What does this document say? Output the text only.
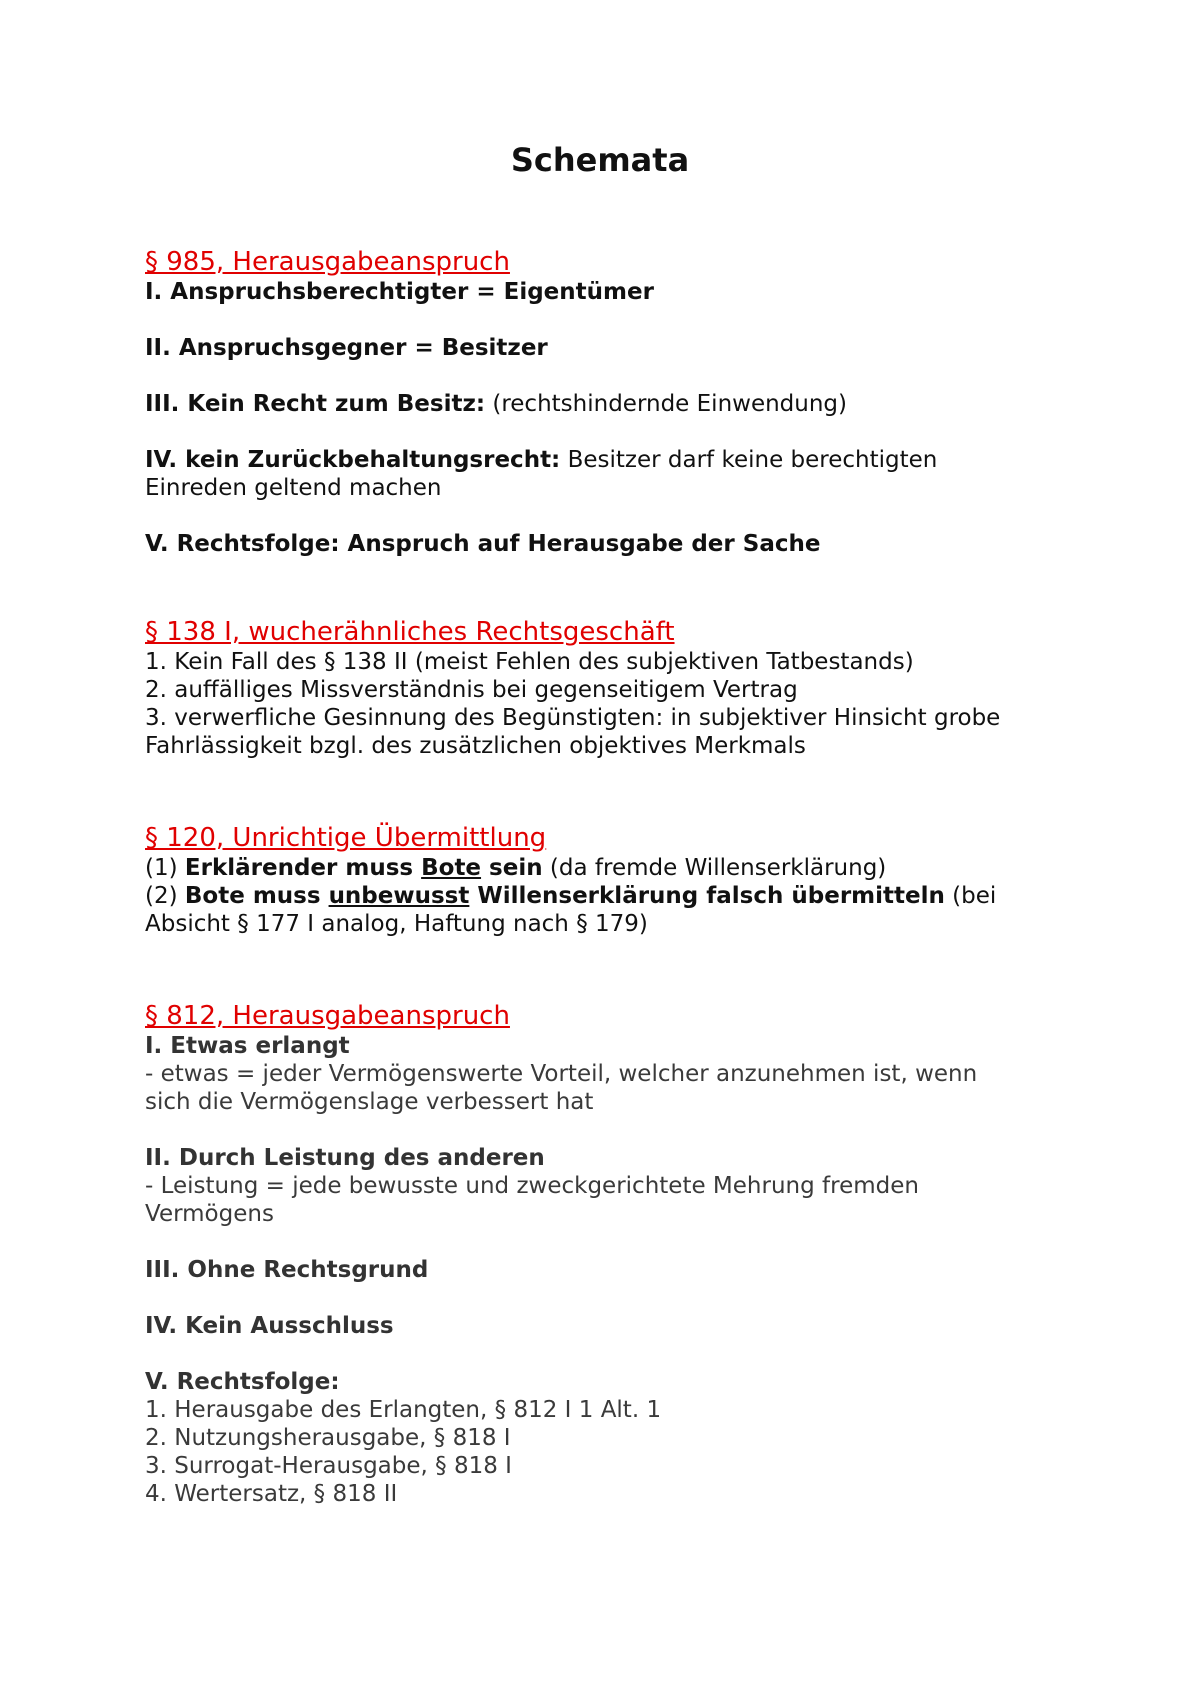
Schemata

§ 985, Herausgabeanspruch

I. Anspruchsberechtigter = Eigentümer

II. Anspruchsgegner = Besitzer

III. Kein Recht zum Besitz: (rechtshindernde Einwendung)

IV. kein Zurückbehaltungsrecht: Besitzer darf keine berechtigten

Einreden geltend machen

V. Rechtsfolge: Anspruch auf Herausgabe der Sache

§ 138 I, wucherähnliches Rechtsgeschäft

1. Kein Fall des § 138 II (meist Fehlen des subjektiven Tatbestands)

2. auffälliges Missverständnis bei gegenseitigem Vertrag

3. verwerfliche Gesinnung des Begünstigten: in subjektiver Hinsicht grobe

Fahrlässigkeit bzgl. des zusätzlichen objektives Merkmals

§ 120, Unrichtige Übermittlung

(1) Erklärender muss Bote sein (da fremde Willenserklärung)

(2) Bote muss unbewusst Willenserklärung falsch übermitteln (bei

Absicht § 177 I analog, Haftung nach § 179)

§ 812, Herausgabeanspruch

I. Etwas erlangt

- etwas = jeder Vermögenswerte Vorteil, welcher anzunehmen ist, wenn

sich die Vermögenslage verbessert hat

II. Durch Leistung des anderen

- Leistung = jede bewusste und zweckgerichtete Mehrung fremden

Vermögens

III. Ohne Rechtsgrund

IV. Kein Ausschluss

V. Rechtsfolge:

1. Herausgabe des Erlangten, § 812 I 1 Alt. 1

2. Nutzungsherausgabe, § 818 I

3. Surrogat-Herausgabe, § 818 I

4. Wertersatz, § 818 II
